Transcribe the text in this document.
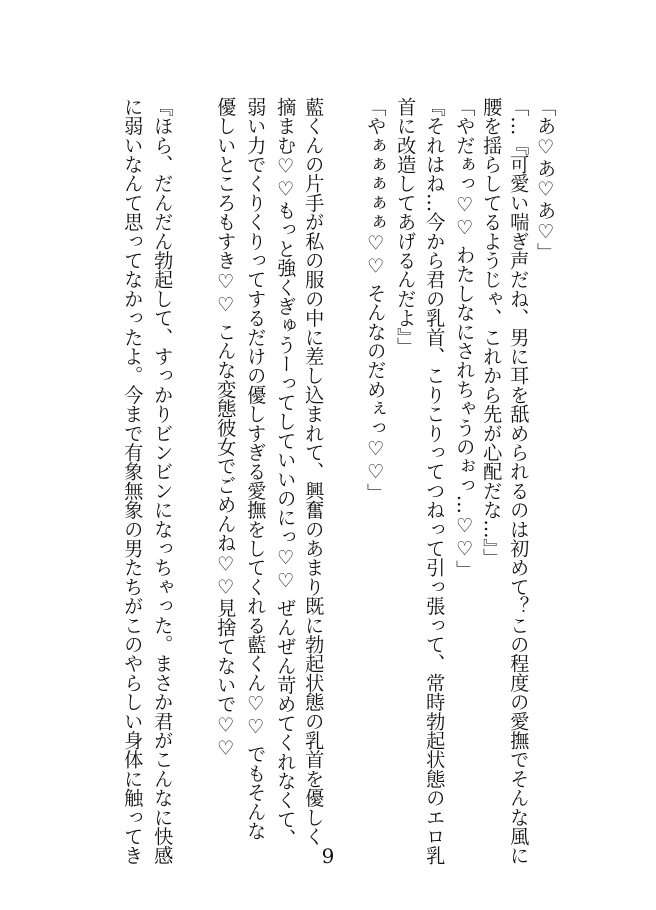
「あ♡あ♡あ♡」
「…『可愛い喘ぎ声だね、男に耳を舐められるのは初めて？この程度の愛撫でそんな風に
腰を揺らしてるようじゃ、これから先が心配だな…』」
「やだぁっ♡♡ わたしなにされちゃうのぉっ…♡♡」
『それはね…今から君の乳首、こりこりってつねって引っ張って、常時勃起状態のエロ乳
首に改造してあげるんだよ』」
「やぁぁぁぁぁ♡♡ そんなのだめぇっ♡♡」
藍くんの片手が私の服の中に差し込まれて、興奮のあまり既に勃起状態の乳首を優しく
摘まむ♡♡もっと強くぎゅうーってしていいのにっ♡♡ ぜんぜん苛めてくれなくて、
弱い力でくりくりってするだけの優しすぎる愛撫をしてくれる藍くん♡♡ でもそんな
優しいところもすき♡♡ こんな変態彼女でごめんね♡♡見捨てないで♡♡
『ほら、だんだん勃起して、すっかりビンビンになっちゃった。まさか君がこんなに快感
に弱いなんて思ってなかったよ。今まで有象無象の男たちがこのやらしい身体に触ってき	9
